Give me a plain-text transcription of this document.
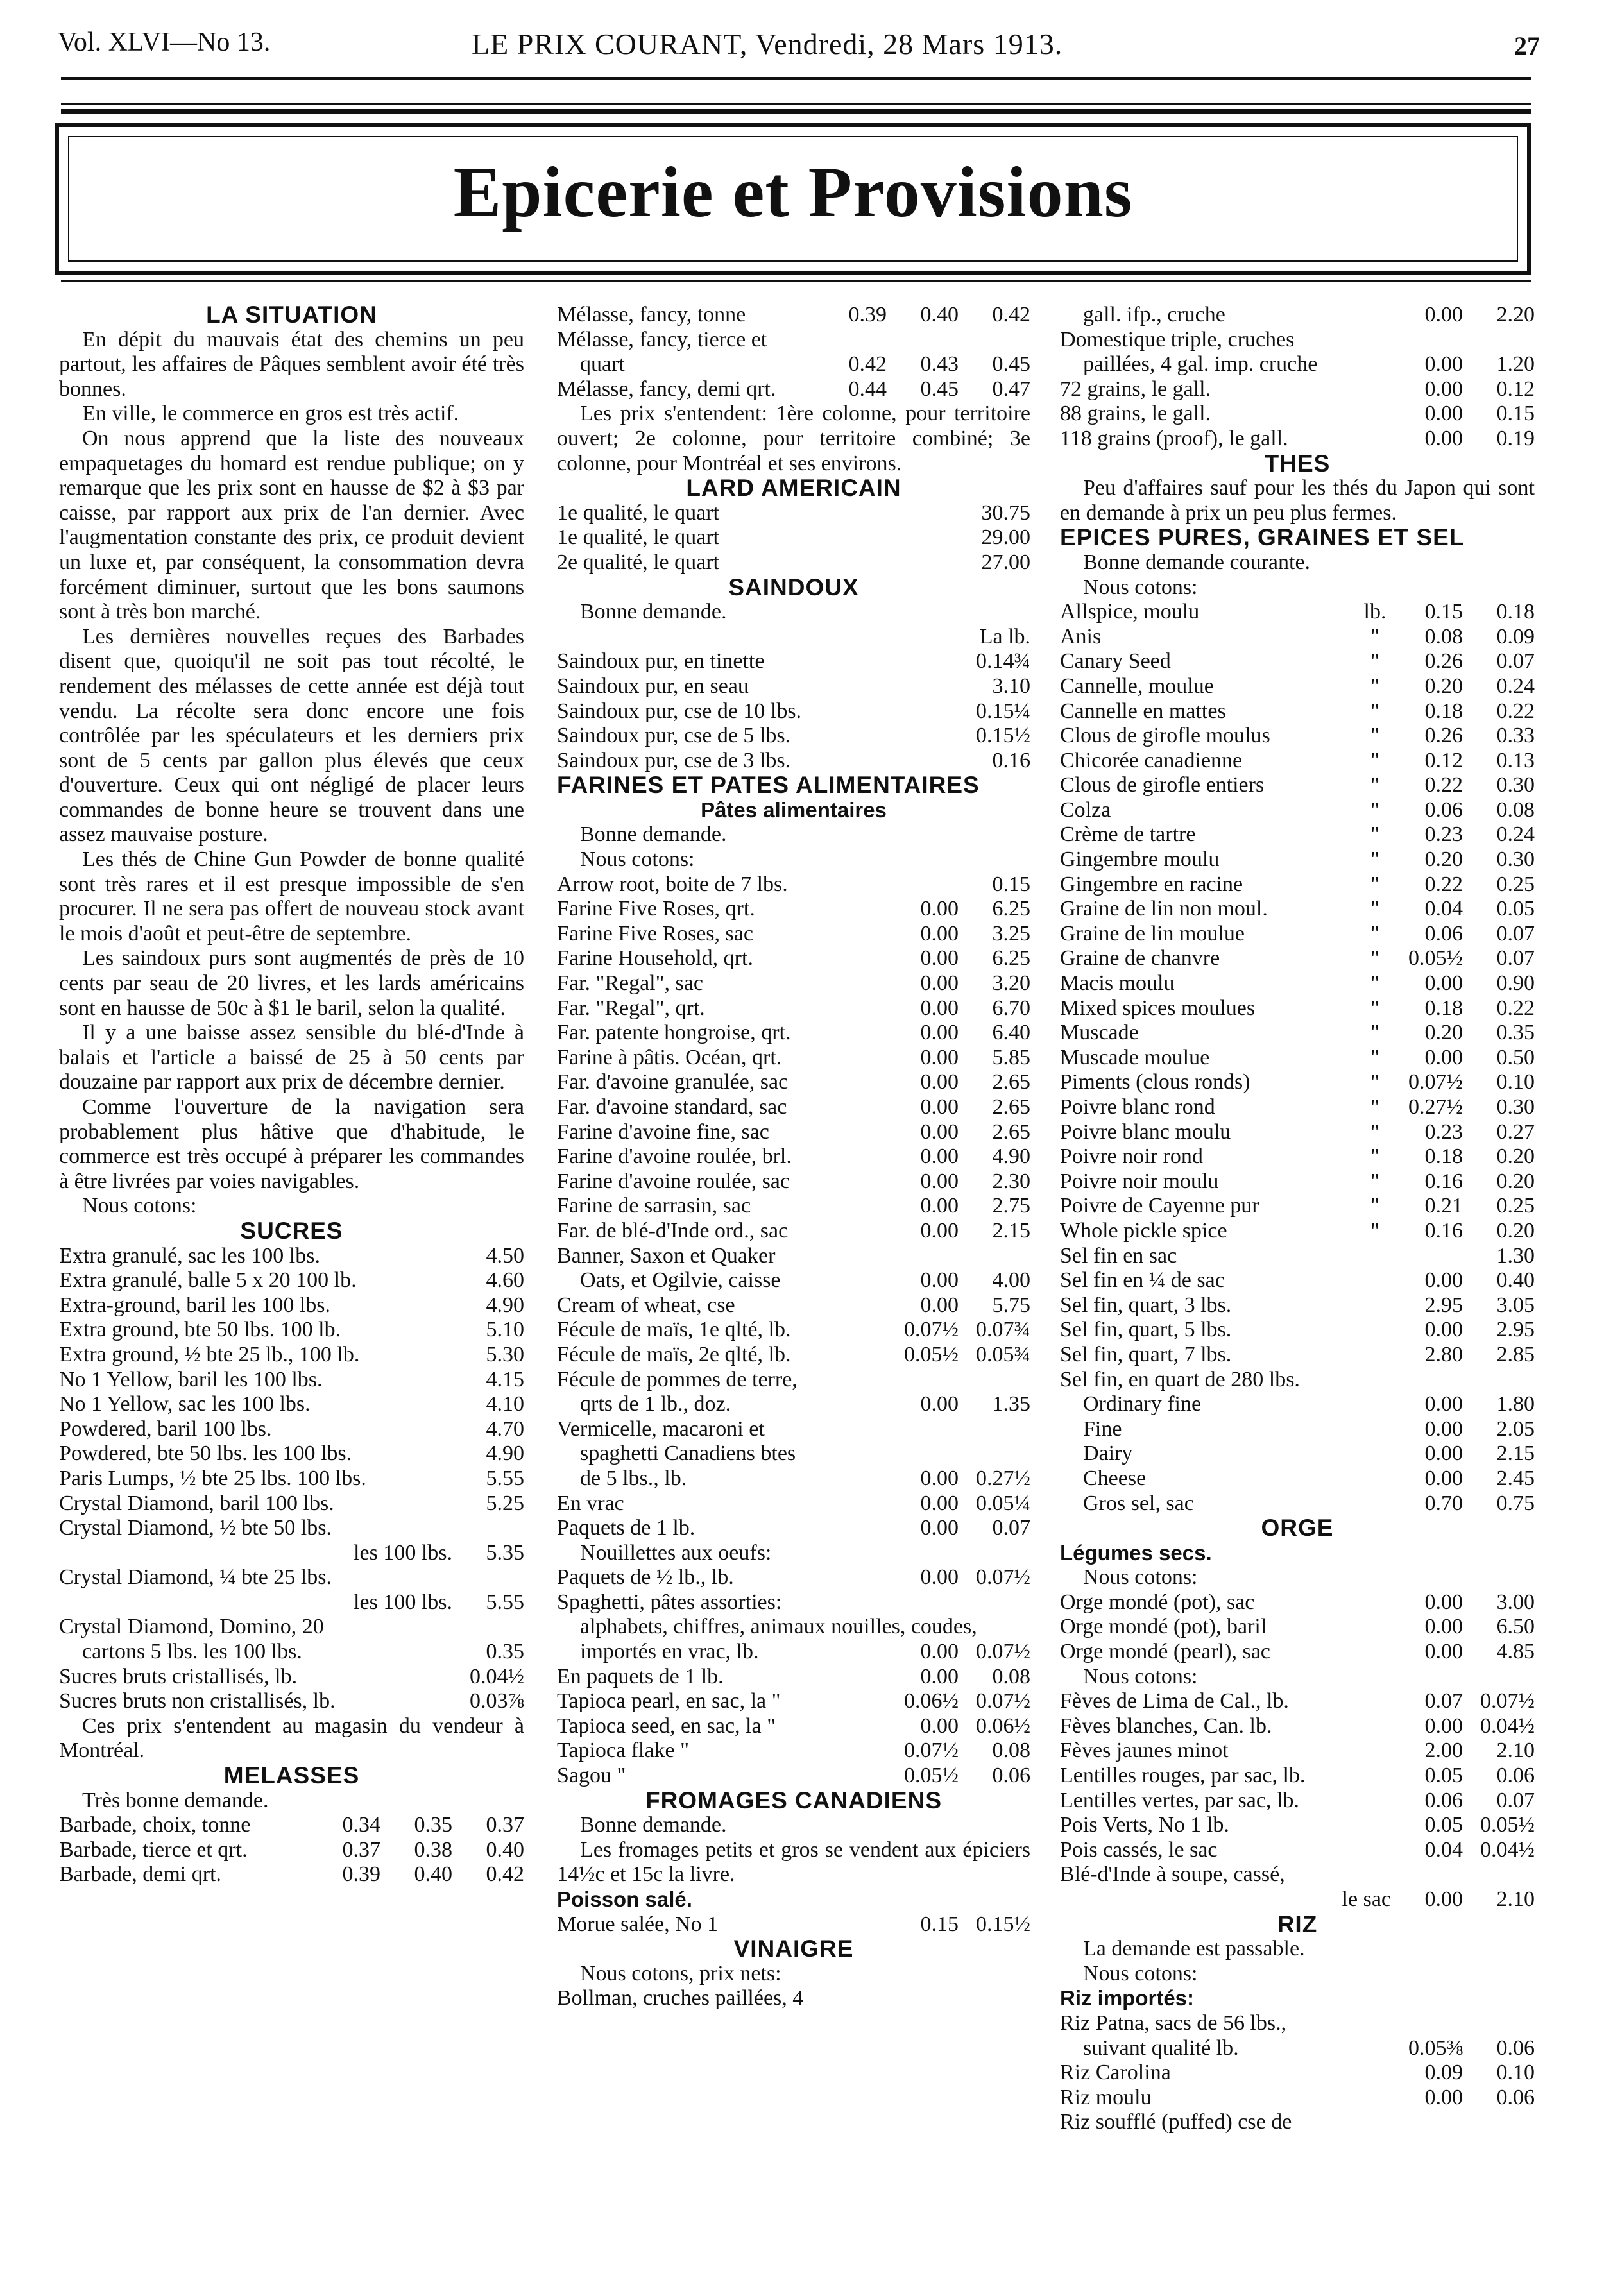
Vol. XLVI—No 13.	LE PRIX COURANT, Vendredi, 28 Mars 1913.	27
Epicerie et Provisions
LA SITUATION
En dépit du mauvais état des chemins un peu partout, les affaires de Pâques semblent avoir été très bonnes.
En ville, le commerce en gros est très actif.
On nous apprend que la liste des nouveaux empaquetages du homard est rendue publique; on y remarque que les prix sont en hausse de $2 à $3 par caisse, par rapport aux prix de l'an dernier. Avec l'augmentation constante des prix, ce produit devient un luxe et, par conséquent, la consommation devra forcément diminuer, surtout que les bons saumons sont à très bon marché.
Les dernières nouvelles reçues des Barbades disent que, quoiqu'il ne soit pas tout récolté, le rendement des mélasses de cette année est déjà tout vendu. La récolte sera donc encore une fois contrôlée par les spéculateurs et les derniers prix sont de 5 cents par gallon plus élevés que ceux d'ouverture. Ceux qui ont négligé de placer leurs commandes de bonne heure se trouvent dans une assez mauvaise posture.
Les thés de Chine Gun Powder de bonne qualité sont très rares et il est presque impossible de s'en procurer. Il ne sera pas offert de nouveau stock avant le mois d'août et peut-être de septembre.
Les saindoux purs sont augmentés de près de 10 cents par seau de 20 livres, et les lards américains sont en hausse de 50c à $1 le baril, selon la qualité.
Il y a une baisse assez sensible du blé-d'Inde à balais et l'article a baissé de 25 à 50 cents par douzaine par rapport aux prix de décembre dernier.
Comme l'ouverture de la navigation sera probablement plus hâtive que d'habitude, le commerce est très occupé à préparer les commandes à être livrées par voies navigables.
Nous cotons:
SUCRES
Extra granulé, sac les 100 lbs.	4.50
Extra granulé, balle 5 x 20 100 lb.	4.60
Extra-ground, baril les 100 lbs.	4.90
Extra ground, bte 50 lbs. 100 lb.	5.10
Extra ground, ½ bte 25 lb., 100 lb.	5.30
No 1 Yellow, baril les 100 lbs.	4.15
No 1 Yellow, sac les 100 lbs.	4.10
Powdered, baril 100 lbs.	4.70
Powdered, bte 50 lbs. les 100 lbs.	4.90
Paris Lumps, ½ bte 25 lbs. 100 lbs.	5.55
Crystal Diamond, baril 100 lbs.	5.25
Crystal Diamond, ½ bte 50 lbs.
les 100 lbs.	5.35
Crystal Diamond, ¼ bte 25 lbs.
les 100 lbs.	5.55
Crystal Diamond, Domino, 20
cartons 5 lbs. les 100 lbs.	0.35
Sucres bruts cristallisés, lb.	0.04½
Sucres bruts non cristallisés, lb.	0.03⅞
Ces prix s'entendent au magasin du vendeur à Montréal.
MELASSES
Très bonne demande.
Barbade, choix, tonne	0.34	0.35	0.37
Barbade, tierce et qrt.	0.37	0.38	0.40
Barbade, demi qrt.	0.39	0.40	0.42
Mélasse, fancy, tonne	0.39	0.40	0.42
Mélasse, fancy, tierce et
quart	0.42	0.43	0.45
Mélasse, fancy, demi qrt.	0.44	0.45	0.47
Les prix s'entendent: 1ère colonne, pour territoire ouvert; 2e colonne, pour territoire combiné; 3e colonne, pour Montréal et ses environs.
LARD AMERICAIN
1e qualité, le quart	30.75
1e qualité, le quart	29.00
2e qualité, le quart	27.00
SAINDOUX
Bonne demande.
La lb.
Saindoux pur, en tinette	0.14¾
Saindoux pur, en seau	3.10
Saindoux pur, cse de 10 lbs.	0.15¼
Saindoux pur, cse de 5 lbs.	0.15½
Saindoux pur, cse de 3 lbs.	0.16
FARINES ET PATES ALIMENTAIRES
Pâtes alimentaires
Bonne demande.
Nous cotons:
Arrow root, boite de 7 lbs.	0.15
Farine Five Roses, qrt.	0.00	6.25
Farine Five Roses, sac	0.00	3.25
Farine Household, qrt.	0.00	6.25
Far. "Regal", sac	0.00	3.20
Far. "Regal", qrt.	0.00	6.70
Far. patente hongroise, qrt.	0.00	6.40
Farine à pâtis. Océan, qrt.	0.00	5.85
Far. d'avoine granulée, sac	0.00	2.65
Far. d'avoine standard, sac	0.00	2.65
Farine d'avoine fine, sac	0.00	2.65
Farine d'avoine roulée, brl.	0.00	4.90
Farine d'avoine roulée, sac	0.00	2.30
Farine de sarrasin, sac	0.00	2.75
Far. de blé-d'Inde ord., sac	0.00	2.15
Banner, Saxon et Quaker
Oats, et Ogilvie, caisse	0.00	4.00
Cream of wheat, cse	0.00	5.75
Fécule de maïs, 1e qlté, lb.	0.07½ 0.07¾
Fécule de maïs, 2e qlté, lb.	0.05½ 0.05¾
Fécule de pommes de terre,
qrts de 1 lb., doz.	0.00	1.35
Vermicelle, macaroni et
spaghetti Canadiens btes
de 5 lbs., lb.	0.00 0.27½
En vrac	0.00 0.05¼
Paquets de 1 lb.	0.00	0.07
Nouillettes aux oeufs:
Paquets de ½ lb., lb.	0.00 0.07½
Spaghetti, pâtes assorties:
alphabets, chiffres, animaux nouilles, coudes,
importés en vrac, lb.	0.00 0.07½
En paquets de 1 lb.	0.00	0.08
Tapioca pearl, en sac, la "	0.06½ 0.07½
Tapioca seed, en sac, la "	0.00 0.06½
Tapioca flake "	0.07½	0.08
Sagou "	0.05½	0.06
FROMAGES CANADIENS
Bonne demande.
Les fromages petits et gros se vendent aux épiciers 14½c et 15c la livre.
Poisson salé.
Morue salée, No 1	0.15 0.15½
VINAIGRE
Nous cotons, prix nets:
Bollman, cruches paillées, 4
gall. ifp., cruche	0.00	2.20
Domestique triple, cruches
paillées, 4 gal. imp. cruche	0.00	1.20
72 grains, le gall.	0.00	0.12
88 grains, le gall.	0.00	0.15
118 grains (proof), le gall.	0.00	0.19
THES
Peu d'affaires sauf pour les thés du Japon qui sont en demande à prix un peu plus fermes.
EPICES PURES, GRAINES ET SEL
Bonne demande courante.
Nous cotons:
Allspice, moulu	lb.	0.15	0.18
Anis	"	0.08	0.09
Canary Seed	"	0.26	0.07
Cannelle, moulue	"	0.20	0.24
Cannelle en mattes	"	0.18	0.22
Clous de girofle moulus	"	0.26	0.33
Chicorée canadienne	"	0.12	0.13
Clous de girofle entiers	"	0.22	0.30
Colza	"	0.06	0.08
Crème de tartre	"	0.23	0.24
Gingembre moulu	"	0.20	0.30
Gingembre en racine	"	0.22	0.25
Graine de lin non moul.	"	0.04	0.05
Graine de lin moulue	"	0.06	0.07
Graine de chanvre	"	0.05½	0.07
Macis moulu	"	0.00	0.90
Mixed spices moulues	"	0.18	0.22
Muscade	"	0.20	0.35
Muscade moulue	"	0.00	0.50
Piments (clous ronds)	"	0.07½	0.10
Poivre blanc rond	"	0.27½	0.30
Poivre blanc moulu	"	0.23	0.27
Poivre noir rond	"	0.18	0.20
Poivre noir moulu	"	0.16	0.20
Poivre de Cayenne pur	"	0.21	0.25
Whole pickle spice	"	0.16	0.20
Sel fin en sac	1.30
Sel fin en ¼ de sac	0.00	0.40
Sel fin, quart, 3 lbs.	2.95	3.05
Sel fin, quart, 5 lbs.	0.00	2.95
Sel fin, quart, 7 lbs.	2.80	2.85
Sel fin, en quart de 280 lbs.
Ordinary fine	0.00	1.80
Fine	0.00	2.05
Dairy	0.00	2.15
Cheese	0.00	2.45
Gros sel, sac	0.70	0.75
ORGE
Légumes secs.
Nous cotons:
Orge mondé (pot), sac	0.00	3.00
Orge mondé (pot), baril	0.00	6.50
Orge mondé (pearl), sac	0.00	4.85
Nous cotons:
Fèves de Lima de Cal., lb.	0.07 0.07½
Fèves blanches, Can. lb.	0.00 0.04½
Fèves jaunes minot	2.00	2.10
Lentilles rouges, par sac, lb.	0.05	0.06
Lentilles vertes, par sac, lb.	0.06	0.07
Pois Verts, No 1 lb.	0.05 0.05½
Pois cassés, le sac	0.04 0.04½
Blé-d'Inde à soupe, cassé,
le sac	0.00	2.10
RIZ
La demande est passable.
Nous cotons:
Riz importés:
Riz Patna, sacs de 56 lbs.,
suivant qualité lb.	0.05⅜	0.06
Riz Carolina	0.09	0.10
Riz moulu	0.00	0.06
Riz soufflé (puffed) cse de
